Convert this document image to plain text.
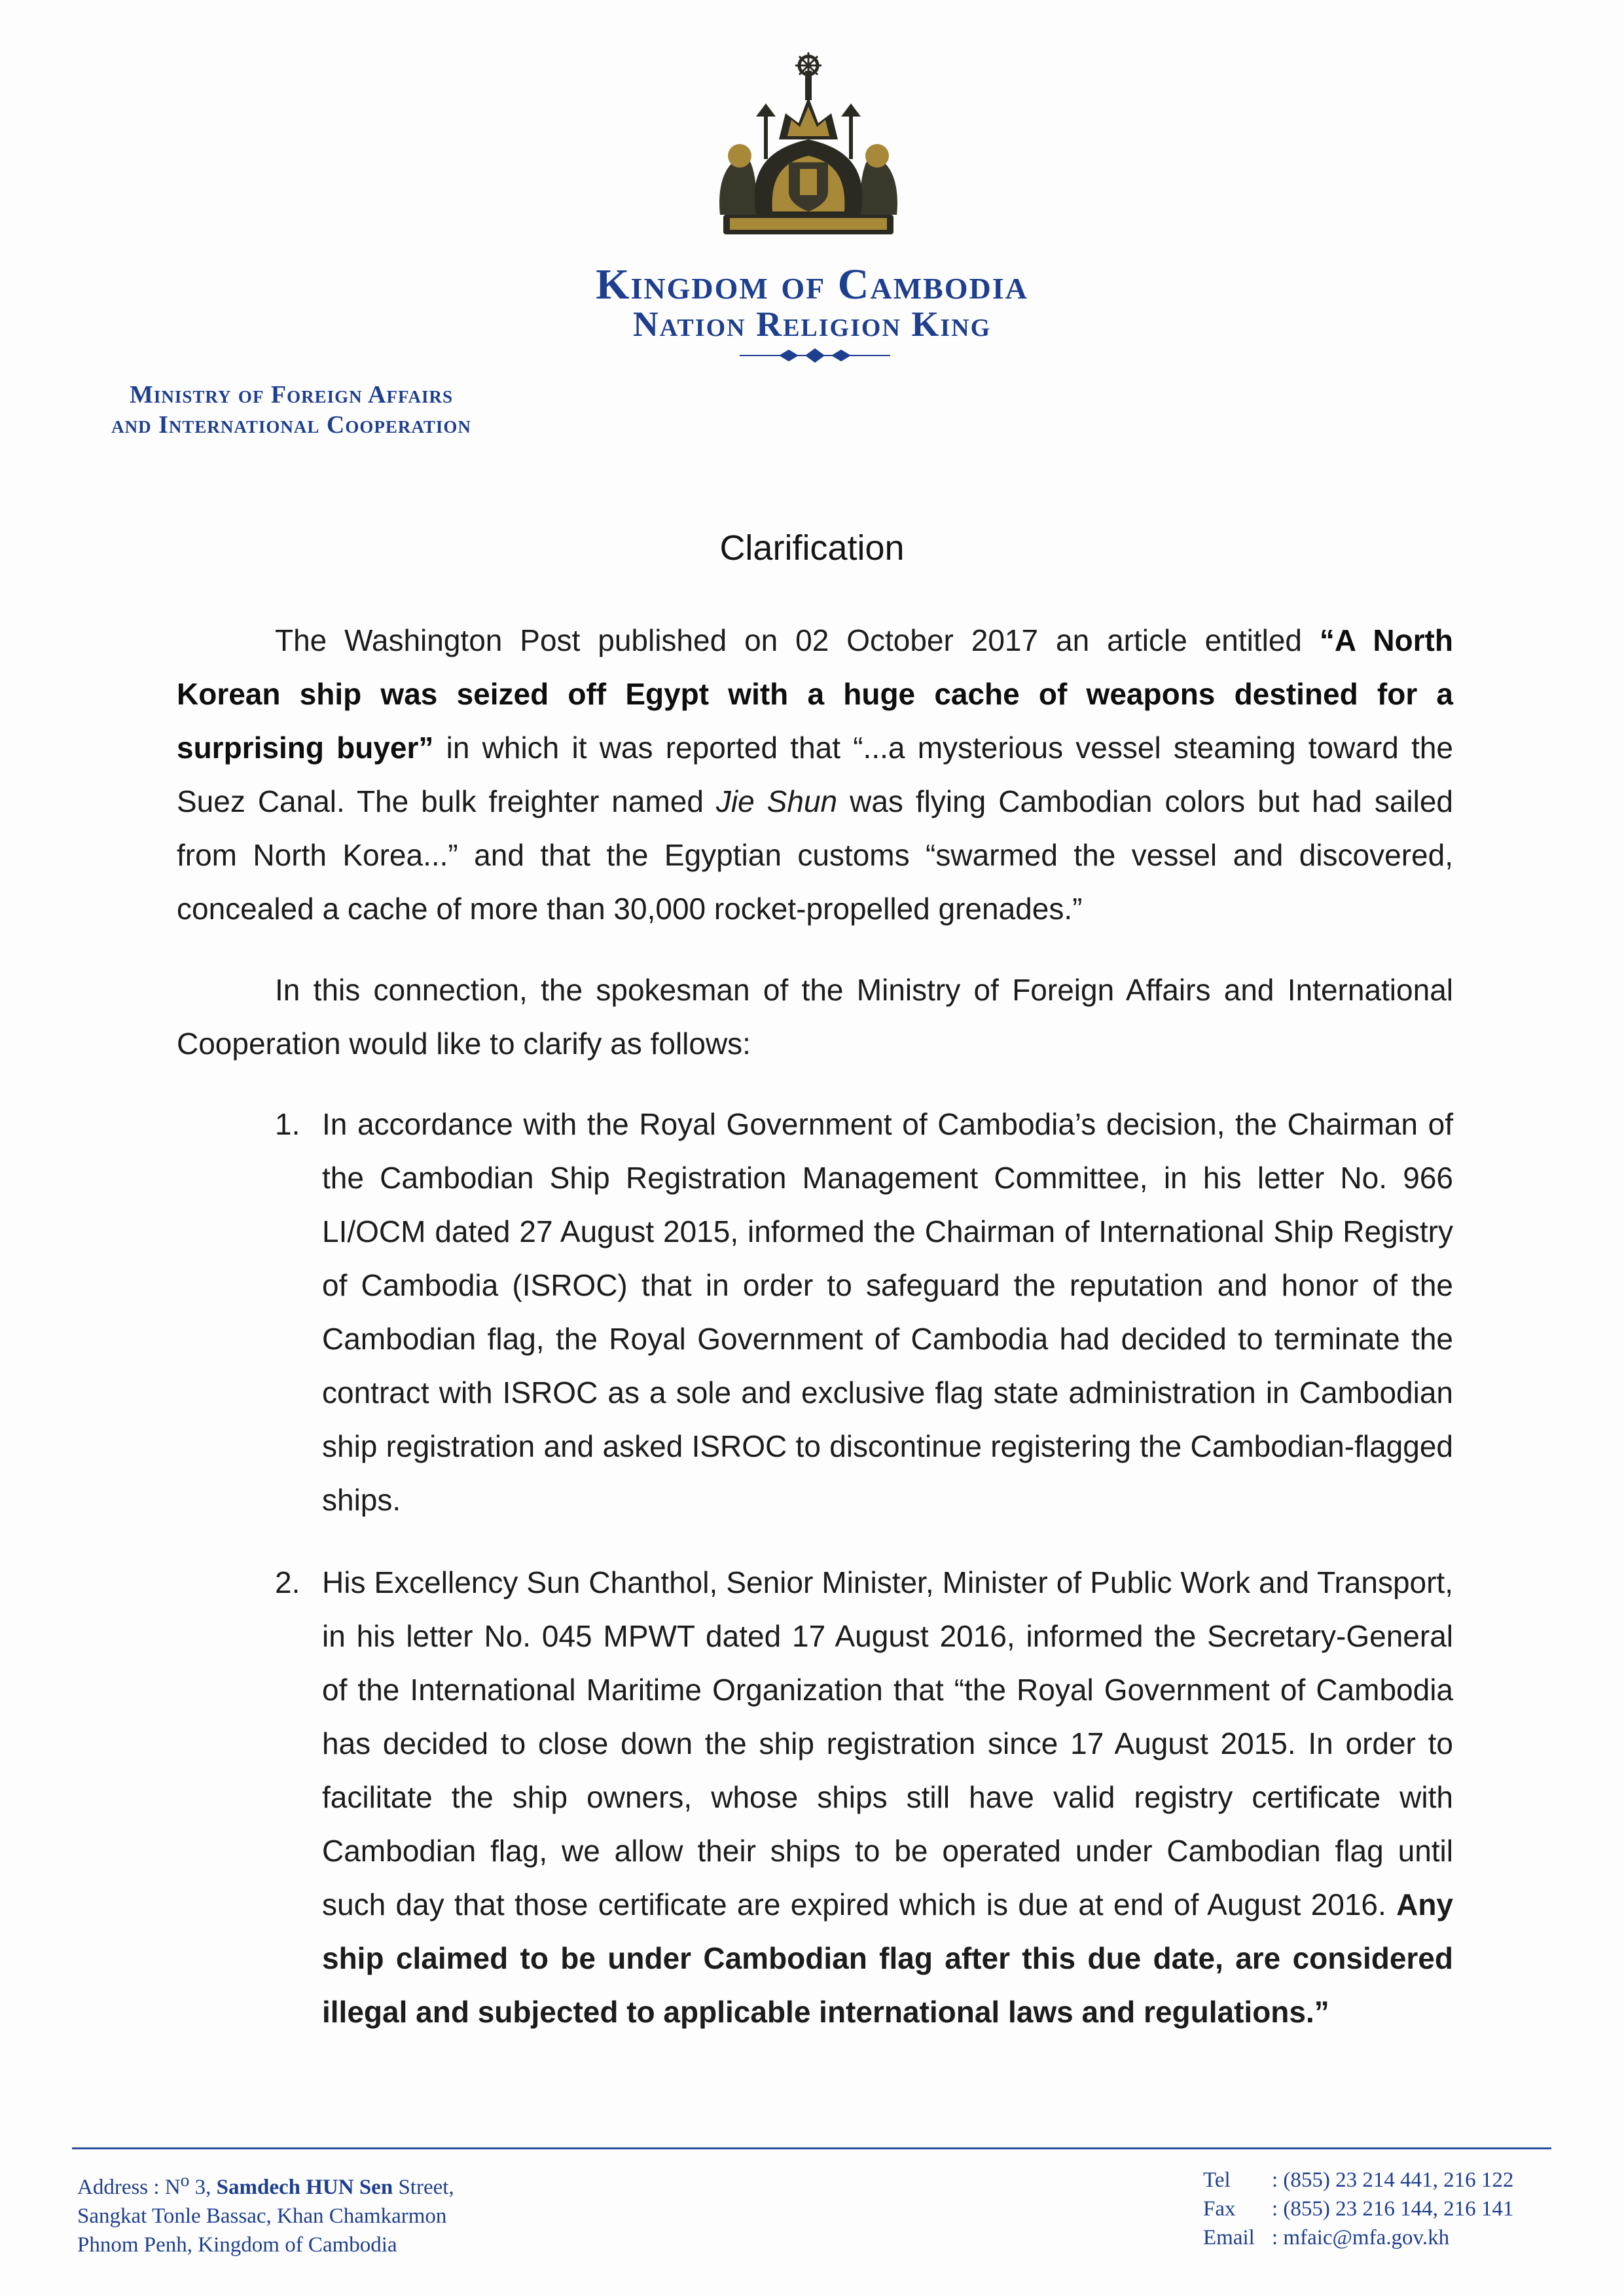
Kingdom of Cambodia
Nation Religion King
Ministry of Foreign Affairs
and International Cooperation
Clarification
The Washington Post published on 02 October 2017 an article entitled “A North Korean ship was seized off Egypt with a huge cache of weapons destined for a surprising buyer” in which it was reported that “...a mysterious vessel steaming toward the Suez Canal. The bulk freighter named Jie Shun was flying Cambodian colors but had sailed from North Korea...” and that the Egyptian customs “swarmed the vessel and discovered, concealed a cache of more than 30,000 rocket-propelled grenades.”
In this connection, the spokesman of the Ministry of Foreign Affairs and International Cooperation would like to clarify as follows:
1. In accordance with the Royal Government of Cambodia’s decision, the Chairman of the Cambodian Ship Registration Management Committee, in his letter No. 966 LI/OCM dated 27 August 2015, informed the Chairman of International Ship Registry of Cambodia (ISROC) that in order to safeguard the reputation and honor of the Cambodian flag, the Royal Government of Cambodia had decided to terminate the contract with ISROC as a sole and exclusive flag state administration in Cambodian ship registration and asked ISROC to discontinue registering the Cambodian-flagged ships.
2. His Excellency Sun Chanthol, Senior Minister, Minister of Public Work and Transport, in his letter No. 045 MPWT dated 17 August 2016, informed the Secretary-General of the International Maritime Organization that “the Royal Government of Cambodia has decided to close down the ship registration since 17 August 2015. In order to facilitate the ship owners, whose ships still have valid registry certificate with Cambodian flag, we allow their ships to be operated under Cambodian flag until such day that those certificate are expired which is due at end of August 2016. Any ship claimed to be under Cambodian flag after this due date, are considered illegal and subjected to applicable international laws and regulations.”
Address : $N^o$ 3, Samdech HUN Sen Street,
Sangkat Tonle Bassac, Khan Chamkarmon
Phnom Penh, Kingdom of Cambodia
Tel : (855) 23 214 441, 216 122
Fax : (855) 23 216 144, 216 141
Email : mfaic@mfa.gov.kh
